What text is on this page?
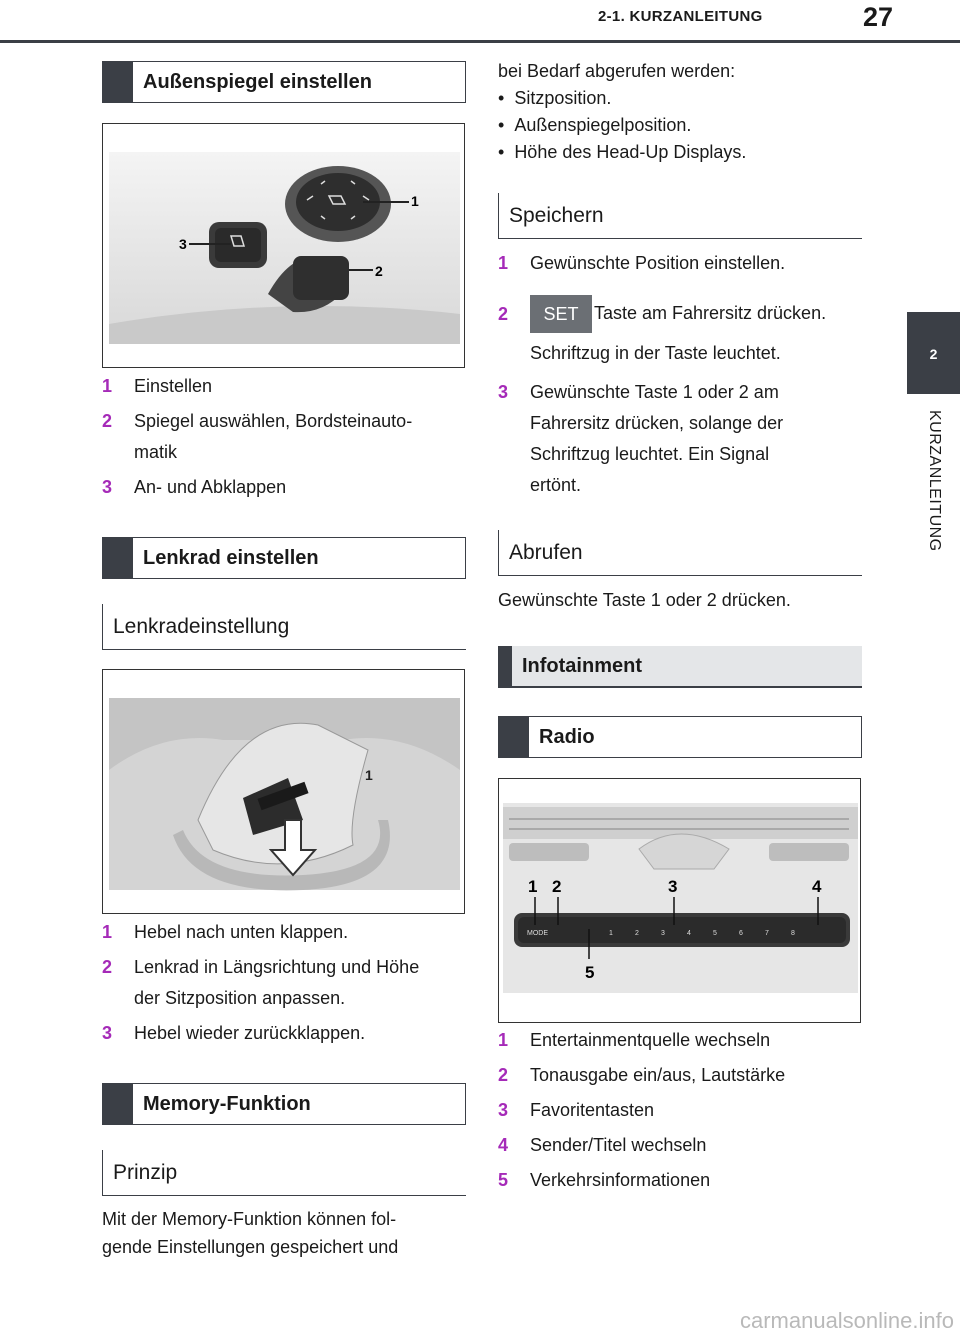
2-1. KURZANLEITUNG	27
2
KURZANLEITUNG
Außenspiegel einstellen
1
2
3
1	Einstellen
2	Spiegel auswählen, Bordsteinauto-
matik
3	An- und Abklappen
Lenkrad einstellen
Lenkradeinstellung
1
1	Hebel nach unten klappen.
2	Lenkrad in Längsrichtung und Höhe
der Sitzposition anpassen.
3	Hebel wieder zurückklappen.
Memory-Funktion
Prinzip
Mit der Memory-Funktion können fol-
gende Einstellungen gespeichert und
bei Bedarf abgerufen werden:
•  Sitzposition.
•  Außenspiegelposition.
•  Höhe des Head-Up Displays.
Speichern
1	Gewünschte Position einstellen.
2	SET Taste am Fahrersitz drücken.
Schriftzug in der Taste leuchtet.
3	Gewünschte Taste 1 oder 2 am
Fahrersitz drücken, solange der
Schriftzug leuchtet. Ein Signal
ertönt.
Abrufen
Gewünschte Taste 1 oder 2 drücken.
Infotainment
Radio
MODE	1	2	3	4	5	6	7	8
1 2	3	4
5
1	Entertainmentquelle wechseln
2	Tonausgabe ein/aus, Lautstärke
3	Favoritentasten
4	Sender/Titel wechseln
5	Verkehrsinformationen
carmanualsonline.info
